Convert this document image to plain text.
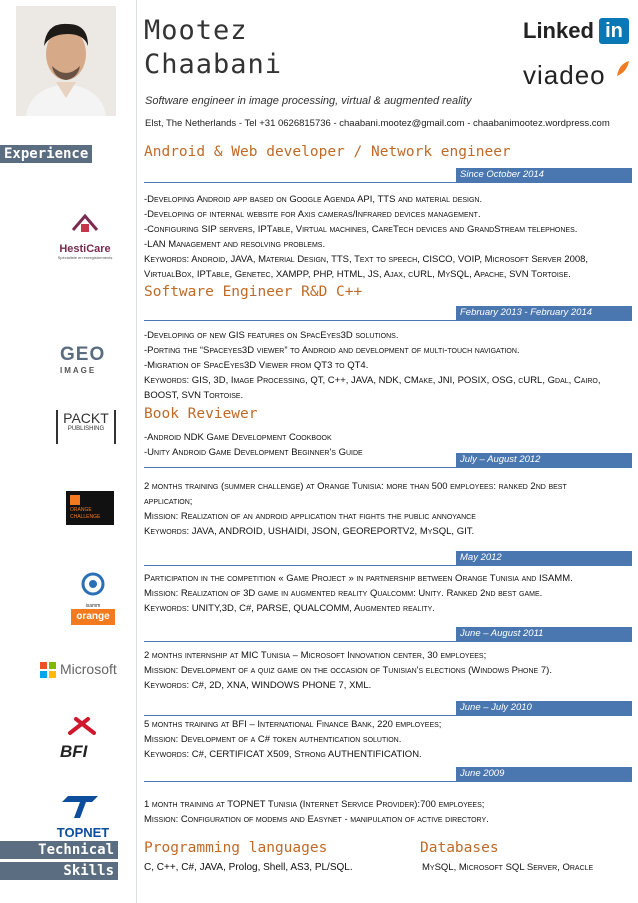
Mootez
Chaabani
Software engineer in image processing, virtual & augmented reality
Elst, The Netherlands - Tel +31 0626815736 - chaabani.mootez@gmail.com - chaabanimootez.wordpress.com
Linked in
viadeo
Experience
Technical
Skills
Android & Web developer / Network engineer
Since October 2014
HestiCare
Spécialiste en enregistrements

-Developing Android app based on Google Agenda API, TTS and material design.

-Developing of internal website for Axis cameras/Infrared devices management.

-Configuring SIP servers, IPTable, Virtual machines, CareTech devices and GrandStream telephones.

-LAN Management and resolving problems.

Keywords: Android, JAVA, Material Design, TTS, Text to speech, CISCO, VOIP, Microsoft Server 2008,

VirtualBox, IPTable, Genetec, XAMPP, PHP, HTML, JS, Ajax, cURL, MySQL, Apache, SVN Tortoise.

Software Engineer R&D C++
February 2013 - February 2014
GEO
IMAGE

-Developing of new GIS features on SpacEyes3D solutions.

-Porting the “Spaceyes3D viewer” to Android and development of multi-touch navigation.

-Migration of SpacEyes3D Viewer from QT3 to QT4.

Keywords: GIS, 3D, Image Processing, QT, C++, JAVA, NDK, CMake, JNI, POSIX, OSG, cURL, Gdal, Cairo,

BOOST, SVN Tortoise.

Book Reviewer
PACKT
PUBLISHING

-Android NDK Game Development Cookbook

-Unity Android Game Development Beginner's Guide

July – August 2012
ORANGE
CHALLENGE

2 months training (summer challenge) at Orange Tunisia: more than 500 employees: ranked 2nd best

application;

Mission: Realization of an android application that fights the public annoyance

Keywords: JAVA, ANDROID, USHAIDI, JSON, GEOREPORTV2, MySQL, GIT.

May 2012
isamm
orange

Participation in the competition « Game Project » in partnership between Orange Tunisia and ISAMM.

Mission: Realization of 3D game in augmented reality Qualcomm: Unity. Ranked 2nd best game.

Keywords: UNITY,3D, C#, PARSE, QUALCOMM, Augmented reality.

June – August 2011
Microsoft

2 months internship at MIC Tunisia – Microsoft Innovation center, 30 employees;

Mission: Development of a quiz game on the occasion of Tunisian's elections (Windows Phone 7).

Keywords: C#, 2D, XNA, WINDOWS PHONE 7, XML.

June – July 2010
BFI

5 months training at BFI – International Finance Bank, 220 employees;

Mission: Development of a C# token authentication solution.

Keywords: C#, CERTIFICAT X509, Strong AUTHENTIFICATION.

June 2009
TOPNET

1 month training at TOPNET Tunisia (Internet Service Provider):700 employees;

Mission: Configuration of modems and Easynet - manipulation of active directory.

Programming languages
C, C++, C#, JAVA, Prolog, Shell, AS3, PL/SQL.
Databases
MySQL, Microsoft SQL Server, Oracle
